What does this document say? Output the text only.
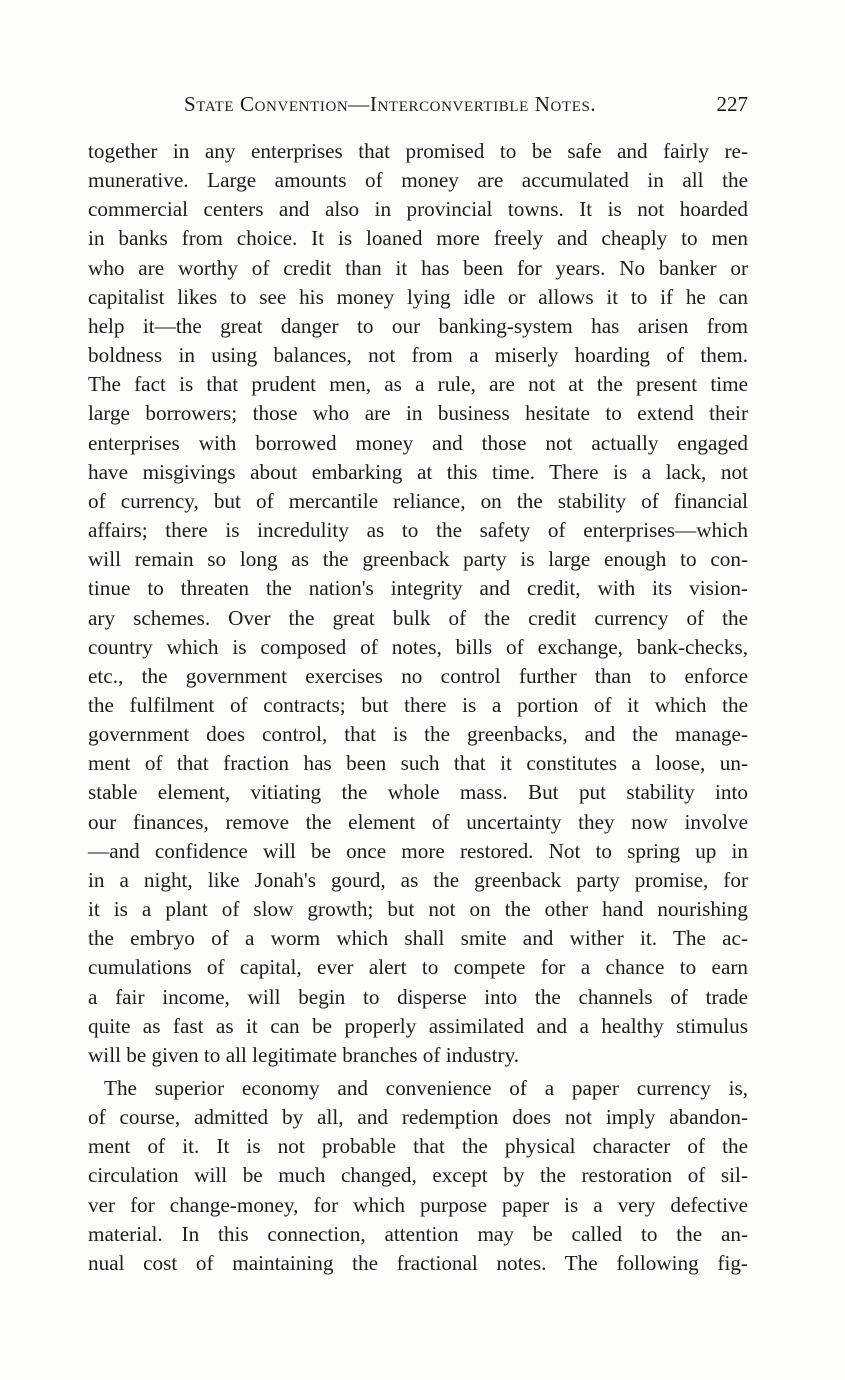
State Convention—Interconvertible Notes.	227
together in any enterprises that promised to be safe and fairly re-
munerative. Large amounts of money are accumulated in all the
commercial centers and also in provincial towns. It is not hoarded
in banks from choice. It is loaned more freely and cheaply to men
who are worthy of credit than it has been for years. No banker or
capitalist likes to see his money lying idle or allows it to if he can
help it—the great danger to our banking-system has arisen from
boldness in using balances, not from a miserly hoarding of them.
The fact is that prudent men, as a rule, are not at the present time
large borrowers; those who are in business hesitate to extend their
enterprises with borrowed money and those not actually engaged
have misgivings about embarking at this time. There is a lack, not
of currency, but of mercantile reliance, on the stability of financial
affairs; there is incredulity as to the safety of enterprises—which
will remain so long as the greenback party is large enough to con-
tinue to threaten the nation's integrity and credit, with its vision-
ary schemes. Over the great bulk of the credit currency of the
country which is composed of notes, bills of exchange, bank-checks,
etc., the government exercises no control further than to enforce
the fulfilment of contracts; but there is a portion of it which the
government does control, that is the greenbacks, and the manage-
ment of that fraction has been such that it constitutes a loose, un-
stable element, vitiating the whole mass. But put stability into
our finances, remove the element of uncertainty they now involve
—and confidence will be once more restored. Not to spring up in
in a night, like Jonah's gourd, as the greenback party promise, for
it is a plant of slow growth; but not on the other hand nourishing
the embryo of a worm which shall smite and wither it. The ac-
cumulations of capital, ever alert to compete for a chance to earn
a fair income, will begin to disperse into the channels of trade
quite as fast as it can be properly assimilated and a healthy stimulus
will be given to all legitimate branches of industry.
The superior economy and convenience of a paper currency is,
of course, admitted by all, and redemption does not imply abandon-
ment of it. It is not probable that the physical character of the
circulation will be much changed, except by the restoration of sil-
ver for change-money, for which purpose paper is a very defective
material. In this connection, attention may be called to the an-
nual cost of maintaining the fractional notes. The following fig-
